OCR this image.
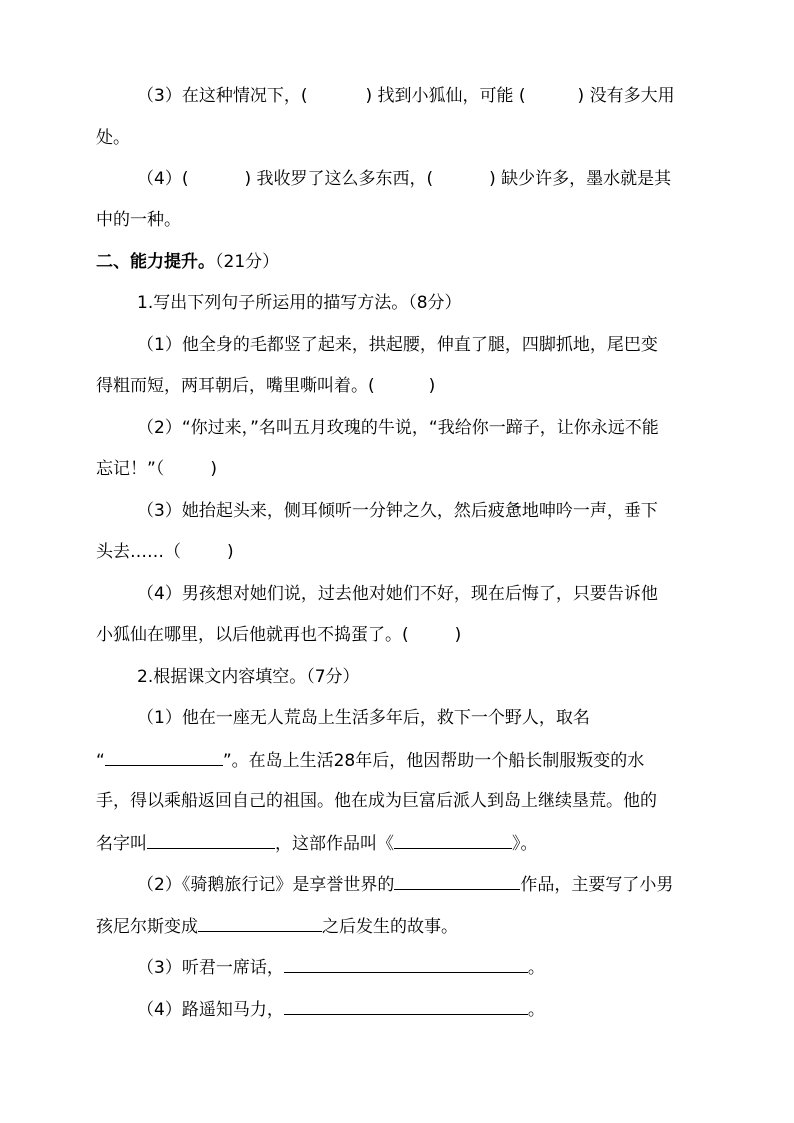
（3）在这种情况下，(	) 找到小狐仙，可能 (	) 没有多大用
处。
（4）(	) 我收罗了这么多东西，(	) 缺少许多，墨水就是其
中的一种。
二、能力提升。（21分）
1.写出下列句子所运用的描写方法。（8分）
（1）他全身的毛都竖了起来，拱起腰，伸直了腿，四脚抓地，尾巴变
得粗而短，两耳朝后，嘴里嘶叫着。(	)
（2）“你过来，”名叫五月玫瑰的牛说，“我给你一蹄子，让你永远不能
忘记！”（	)
（3）她抬起头来，侧耳倾听一分钟之久，然后疲惫地呻吟一声，垂下
头去……（	)
（4）男孩想对她们说，过去他对她们不好，现在后悔了，只要告诉他
小狐仙在哪里，以后他就再也不捣蛋了。(	)
2.根据课文内容填空。（7分）
（1）他在一座无人荒岛上生活多年后，救下一个野人，取名
“	”。在岛上生活28年后，他因帮助一个船长制服叛变的水
手，得以乘船返回自己的祖国。他在成为巨富后派人到岛上继续垦荒。他的
名字叫	，这部作品叫《	》。
（2）《骑鹅旅行记》是享誉世界的	作品，主要写了小男
孩尼尔斯变成	之后发生的故事。
（3）听君一席话，	。
（4）路遥知马力，	。
